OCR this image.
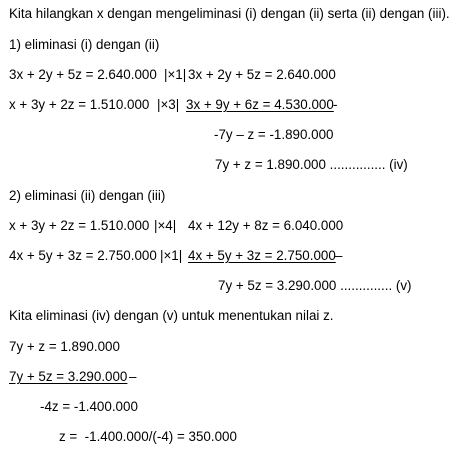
Kita hilangkan x dengan mengeliminasi (i) dengan (ii) serta (ii) dengan (iii).
1) eliminasi (i) dengan (ii)
3x + 2y + 5z = 2.640.000 |×1| 3x + 2y + 5z = 2.640.000
x + 3y + 2z = 1.510.000 |×3| 3x + 9y + 6z = 4.530.000 -
-7y – z = -1.890.000
7y + z = 1.890.000 ............... (iv)
2) eliminasi (ii) dengan (iii)
x + 3y + 2z = 1.510.000 |×4| 4x + 12y + 8z = 6.040.000
4x + 5y + 3z = 2.750.000 |×1| 4x + 5y + 3z = 2.750.000 –
7y + 5z = 3.290.000 .............. (v)
Kita eliminasi (iv) dengan (v) untuk menentukan nilai z.
7y + z = 1.890.000
7y + 5z = 3.290.000 –
-4z = -1.400.000
z =  -1.400.000/(-4) = 350.000
